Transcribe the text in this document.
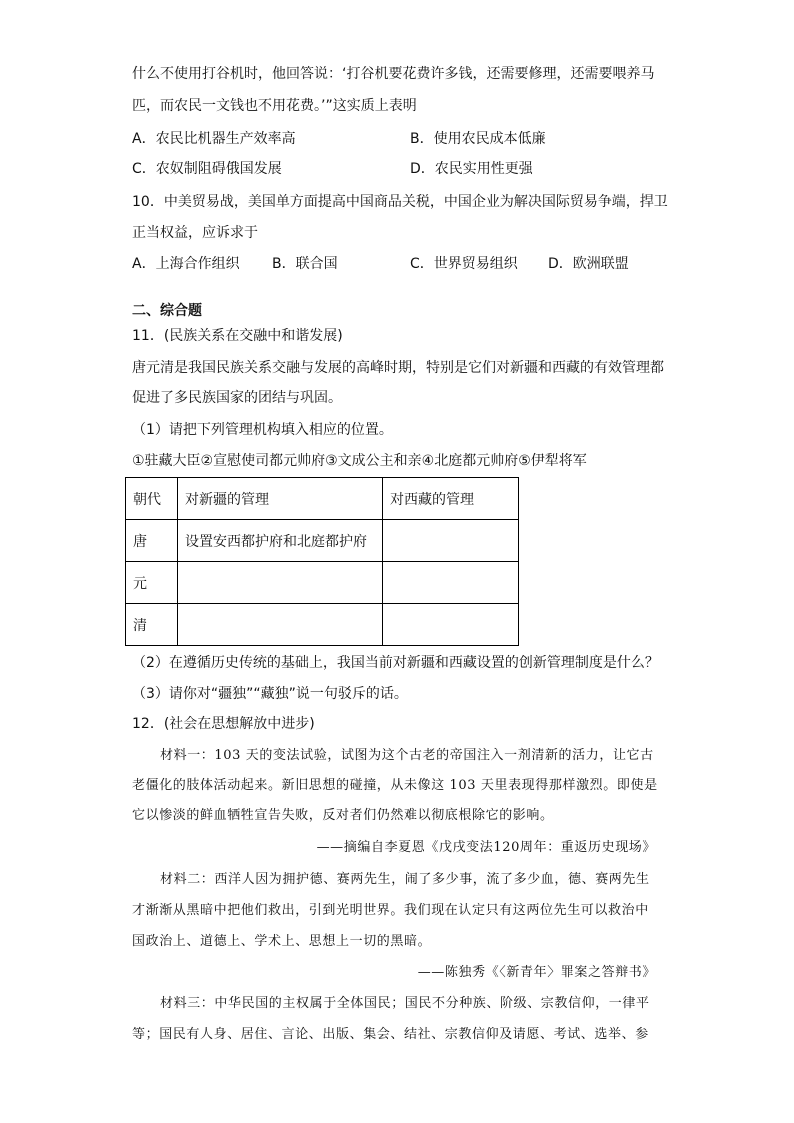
什么不使用打谷机时，他回答说：‘打谷机要花费许多钱，还需要修理，还需要喂养马
匹，而农民一文钱也不用花费。’”这实质上表明
A．农民比机器生产效率高	B．使用农民成本低廉
C．农奴制阻碍俄国发展	D．农民实用性更强
10．中美贸易战，美国单方面提高中国商品关税，中国企业为解决国际贸易争端，捍卫
正当权益，应诉求于
A．上海合作组织 B．联合国	C．世界贸易组织 D．欧洲联盟
二、综合题
11．(民族关系在交融中和谐发展)
唐元清是我国民族关系交融与发展的高峰时期，特别是它们对新疆和西藏的有效管理都
促进了多民族国家的团结与巩固。
（1）请把下列管理机构填入相应的位置。
①驻藏大臣②宣慰使司都元帅府③文成公主和亲④北庭都元帅府⑤伊犁将军
朝代	对新疆的管理	对西藏的管理
唐	设置安西都护府和北庭都护府	
元		
清		
（2）在遵循历史传统的基础上，我国当前对新疆和西藏设置的创新管理制度是什么？
（3）请你对“疆独”“藏独”说一句驳斥的话。
12．(社会在思想解放中进步)
材料一：103 天的变法试验，试图为这个古老的帝国注入一剂清新的活力，让它古
老僵化的肢体活动起来。新旧思想的碰撞，从未像这 103 天里表现得那样激烈。即使是
它以惨淡的鲜血牺牲宣告失败，反对者们仍然难以彻底根除它的影响。
——摘编自李夏恩《戊戌变法120周年：重返历史现场》
材料二：西洋人因为拥护德、赛两先生，闹了多少事，流了多少血，德、赛两先生
才渐渐从黑暗中把他们救出，引到光明世界。我们现在认定只有这两位先生可以救治中
国政治上、道德上、学术上、思想上一切的黑暗。
——陈独秀《〈新青年〉罪案之答辩书》
材料三：中华民国的主权属于全体国民；国民不分种族、阶级、宗教信仰，一律平
等；国民有人身、居住、言论、出版、集会、结社、宗教信仰及请愿、考试、选举、参
